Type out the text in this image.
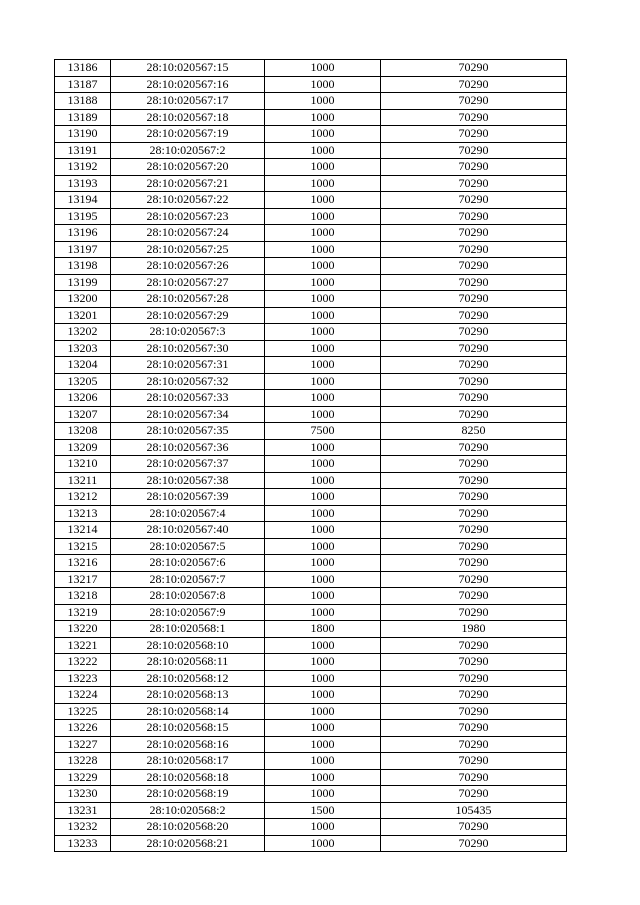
13186	28:10:020567:15	1000	70290
13187	28:10:020567:16	1000	70290
13188	28:10:020567:17	1000	70290
13189	28:10:020567:18	1000	70290
13190	28:10:020567:19	1000	70290
13191	28:10:020567:2	1000	70290
13192	28:10:020567:20	1000	70290
13193	28:10:020567:21	1000	70290
13194	28:10:020567:22	1000	70290
13195	28:10:020567:23	1000	70290
13196	28:10:020567:24	1000	70290
13197	28:10:020567:25	1000	70290
13198	28:10:020567:26	1000	70290
13199	28:10:020567:27	1000	70290
13200	28:10:020567:28	1000	70290
13201	28:10:020567:29	1000	70290
13202	28:10:020567:3	1000	70290
13203	28:10:020567:30	1000	70290
13204	28:10:020567:31	1000	70290
13205	28:10:020567:32	1000	70290
13206	28:10:020567:33	1000	70290
13207	28:10:020567:34	1000	70290
13208	28:10:020567:35	7500	8250
13209	28:10:020567:36	1000	70290
13210	28:10:020567:37	1000	70290
13211	28:10:020567:38	1000	70290
13212	28:10:020567:39	1000	70290
13213	28:10:020567:4	1000	70290
13214	28:10:020567:40	1000	70290
13215	28:10:020567:5	1000	70290
13216	28:10:020567:6	1000	70290
13217	28:10:020567:7	1000	70290
13218	28:10:020567:8	1000	70290
13219	28:10:020567:9	1000	70290
13220	28:10:020568:1	1800	1980
13221	28:10:020568:10	1000	70290
13222	28:10:020568:11	1000	70290
13223	28:10:020568:12	1000	70290
13224	28:10:020568:13	1000	70290
13225	28:10:020568:14	1000	70290
13226	28:10:020568:15	1000	70290
13227	28:10:020568:16	1000	70290
13228	28:10:020568:17	1000	70290
13229	28:10:020568:18	1000	70290
13230	28:10:020568:19	1000	70290
13231	28:10:020568:2	1500	105435
13232	28:10:020568:20	1000	70290
13233	28:10:020568:21	1000	70290
